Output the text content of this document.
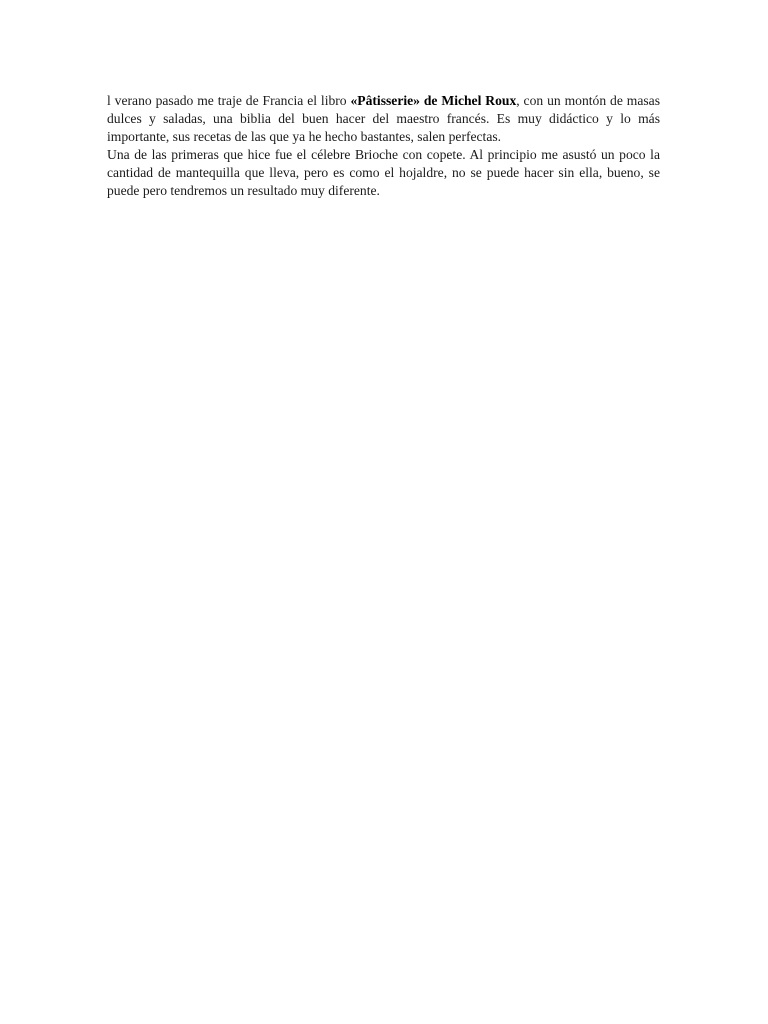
l verano pasado me traje de Francia el libro «Pâtisserie» de Michel Roux, con un montón de masas dulces y saladas, una biblia del buen hacer del maestro francés. Es muy didáctico y lo más importante, sus recetas de las que ya he hecho bastantes, salen perfectas.

Una de las primeras que hice fue el célebre Brioche con copete. Al principio me asustó un poco la cantidad de mantequilla que lleva, pero es como el hojaldre, no se puede hacer sin ella, bueno, se puede pero tendremos un resultado muy diferente.
